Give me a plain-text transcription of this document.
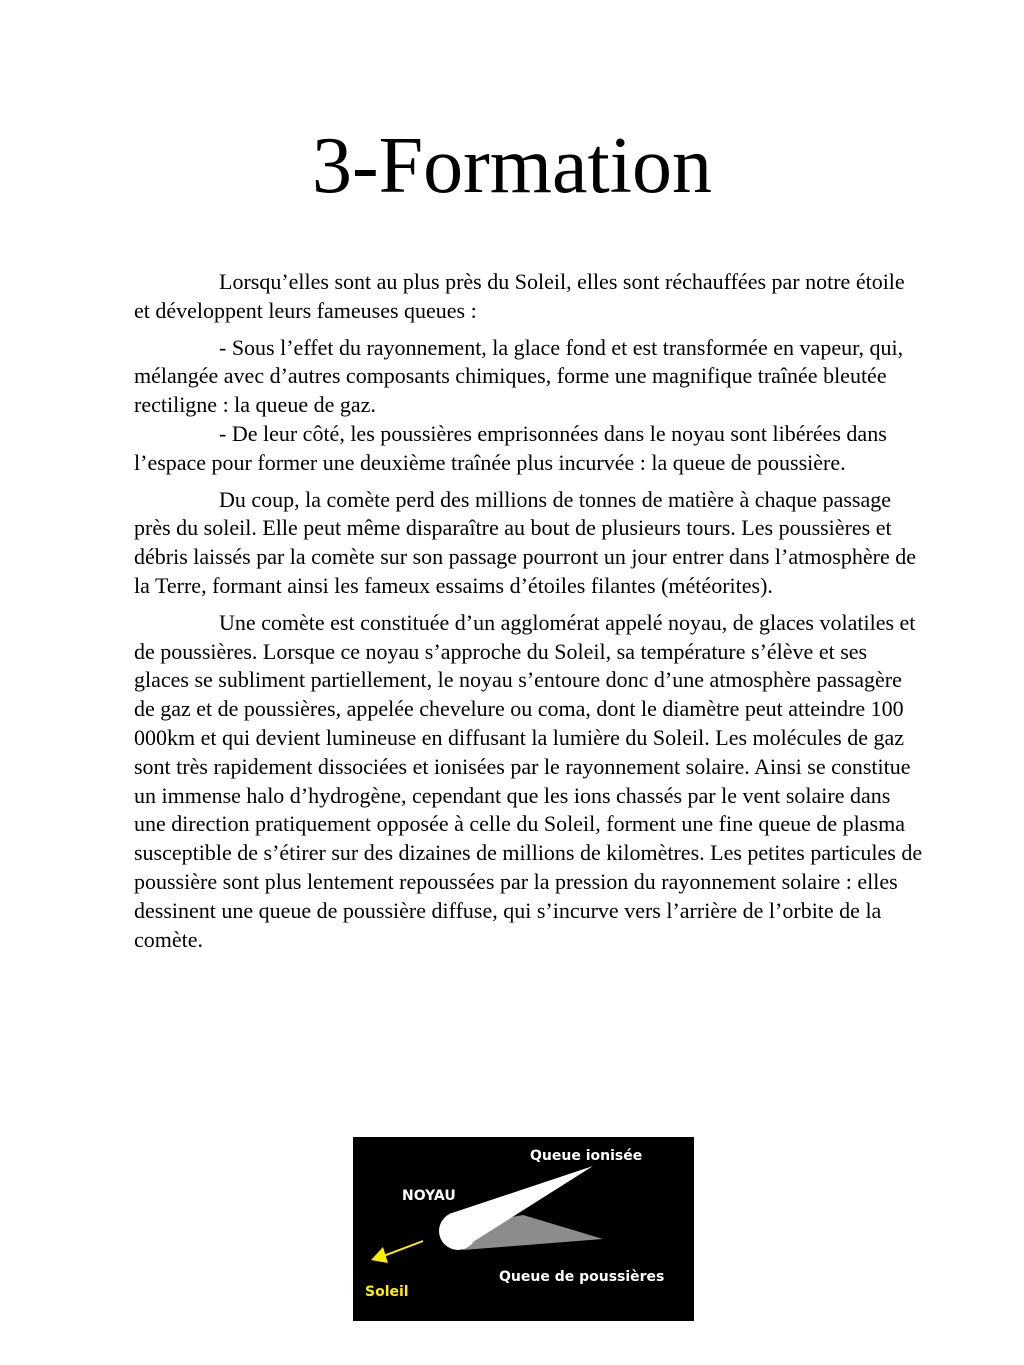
3-Formation

Lorsqu’elles sont au plus près du Soleil, elles sont réchauffées par notre étoile et développent leurs fameuses queues :

- Sous l’effet du rayonnement, la glace fond et est transformée en vapeur, qui, mélangée avec d’autres composants chimiques, forme une magnifique traînée bleutée rectiligne : la queue de gaz.

- De leur côté, les poussières emprisonnées dans le noyau sont libérées dans l’espace pour former une deuxième traînée plus incurvée : la queue de poussière.

Du coup, la comète perd des millions de tonnes de matière à chaque passage près du soleil. Elle peut même disparaître au bout de plusieurs tours. Les poussières et débris laissés par la comète sur son passage pourront un jour entrer dans l’atmosphère de la Terre, formant ainsi les fameux essaims d’étoiles filantes (météorites).

Une comète est constituée d’un agglomérat appelé noyau, de glaces volatiles et de poussières. Lorsque ce noyau s’approche du Soleil, sa température s’élève et ses glaces se subliment partiellement, le noyau s’entoure donc d’une atmosphère passagère de gaz et de poussières, appelée chevelure ou coma, dont le diamètre peut atteindre 100 000km et qui devient lumineuse en diffusant la lumière du Soleil. Les molécules de gaz sont très rapidement dissociées et ionisées par le rayonnement solaire. Ainsi se constitue un immense halo d’hydrogène, cependant que les ions chassés par le vent solaire dans une direction pratiquement opposée à celle du Soleil, forment une fine queue de plasma susceptible de s’étirer sur des dizaines de millions de kilomètres. Les petites particules de poussière sont plus lentement repoussées par la pression du rayonnement solaire : elles dessinent une queue de poussière diffuse, qui s’incurve vers l’arrière de l’orbite de la comète.

Queue ionisée
NOYAU
Queue de poussières
Soleil
